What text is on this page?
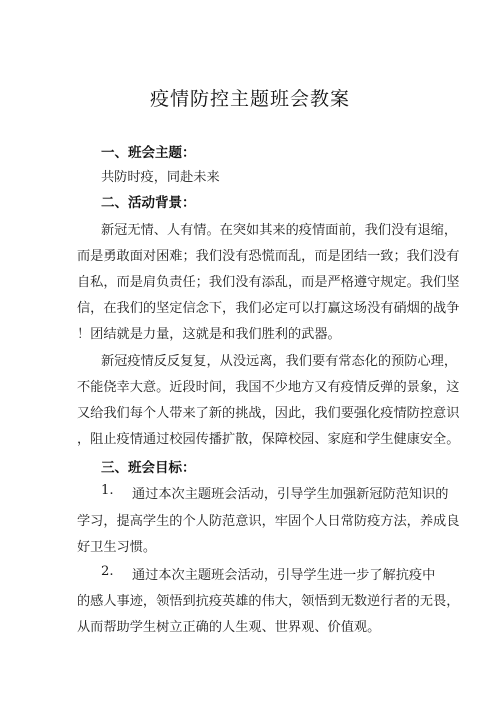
疫情防控主题班会教案
一、班会主题：
共防时疫，同赴未来
二、活动背景：
新冠无情、人有情。在突如其来的疫情面前，我们没有退缩，
而是勇敢面对困难；我们没有恐慌而乱，而是团结一致；我们没有
自私，而是肩负责任；我们没有添乱，而是严格遵守规定。我们坚
信，在我们的坚定信念下，我们必定可以打赢这场没有硝烟的战争
！团结就是力量，这就是和我们胜利的武器。
新冠疫情反反复复，从没远离，我们要有常态化的预防心理，
不能侥幸大意。近段时间，我国不少地方又有疫情反弹的景象，这
又给我们每个人带来了新的挑战，因此，我们要强化疫情防控意识
，阻止疫情通过校园传播扩散，保障校园、家庭和学生健康安全。
三、班会目标：
1. 通过本次主题班会活动，引导学生加强新冠防范知识的
学习，提高学生的个人防范意识，牢固个人日常防疫方法，养成良
好卫生习惯。
2. 通过本次主题班会活动，引导学生进一步了解抗疫中
的感人事迹，领悟到抗疫英雄的伟大，领悟到无数逆行者的无畏，
从而帮助学生树立正确的人生观、世界观、价值观。
